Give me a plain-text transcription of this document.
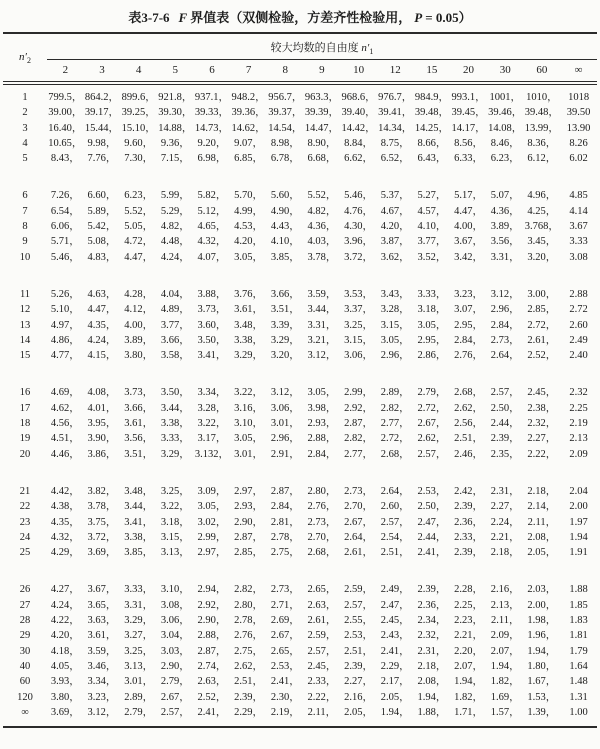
表3-7-6 F 界值表（双侧检验，方差齐性检验用， P = 0.05）
$n'_2$	较大均数的自由度 $n'_1$
	2	3	4	5	6	7	8	9	10	12	15	20	30	60	∞
1	799.5，	864.2，	899.6，	921.8，	937.1，	948.2，	956.7，	963.3，	968.6，	976.7，	984.9，	993.1，	1001，	1010，	1018
2	39.00，	39.17，	39.25，	39.30，	39.33，	39.36，	39.37，	39.39，	39.40，	39.41，	39.48，	39.45，	39.46，	39.48，	39.50
3	16.40，	15.44，	15.10，	14.88，	14.73，	14.62，	14.54，	14.47，	14.42，	14.34，	14.25，	14.17，	14.08，	13.99，	13.90
4	10.65，	9.98，	9.60，	9.36，	9.20，	9.07，	8.98，	8.90，	8.84，	8.75，	8.66，	8.56，	8.46，	8.36，	8.26
5	8.43，	7.76，	7.30，	7.15，	6.98，	6.85，	6.78，	6.68，	6.62，	6.52，	6.43，	6.33，	6.23，	6.12，	6.02
6	7.26，	6.60，	6.23，	5.99，	5.82，	5.70，	5.60，	5.52，	5.46，	5.37，	5.27，	5.17，	5.07，	4.96，	4.85
7	6.54，	5.89，	5.52，	5.29，	5.12，	4.99，	4.90，	4.82，	4.76，	4.67，	4.57，	4.47，	4.36，	4.25，	4.14
8	6.06，	5.42，	5.05，	4.82，	4.65，	4.53，	4.43，	4.36，	4.30，	4.20，	4.10，	4.00，	3.89，	3.768，	3.67
9	5.71，	5.08，	4.72，	4.48，	4.32，	4.20，	4.10，	4.03，	3.96，	3.87，	3.77，	3.67，	3.56，	3.45，	3.33
10	5.46，	4.83，	4.47，	4.24，	4.07，	3.05，	3.85，	3.78，	3.72，	3.62，	3.52，	3.42，	3.31，	3.20，	3.08
11	5.26，	4.63，	4.28，	4.04，	3.88，	3.76，	3.66，	3.59，	3.53，	3.43，	3.33，	3.23，	3.12，	3.00，	2.88
12	5.10，	4.47，	4.12，	4.89，	3.73，	3.61，	3.51，	3.44，	3.37，	3.28，	3.18，	3.07，	2.96，	2.85，	2.72
13	4.97，	4.35，	4.00，	3.77，	3.60，	3.48，	3.39，	3.31，	3.25，	3.15，	3.05，	2.95，	2.84，	2.72，	2.60
14	4.86，	4.24，	3.89，	3.66，	3.50，	3.38，	3.29，	3.21，	3.15，	3.05，	2.95，	2.84，	2.73，	2.61，	2.49
15	4.77，	4.15，	3.80，	3.58，	3.41，	3.29，	3.20，	3.12，	3.06，	2.96，	2.86，	2.76，	2.64，	2.52，	2.40
16	4.69，	4.08，	3.73，	3.50，	3.34，	3.22，	3.12，	3.05，	2.99，	2.89，	2.79，	2.68，	2.57，	2.45，	2.32
17	4.62，	4.01，	3.66，	3.44，	3.28，	3.16，	3.06，	3.98，	2.92，	2.82，	2.72，	2.62，	2.50，	2.38，	2.25
18	4.56，	3.95，	3.61，	3.38，	3.22，	3.10，	3.01，	2.93，	2.87，	2.77，	2.67，	2.56，	2.44，	2.32，	2.19
19	4.51，	3.90，	3.56，	3.33，	3.17，	3.05，	2.96，	2.88，	2.82，	2.72，	2.62，	2.51，	2.39，	2.27，	2.13
20	4.46，	3.86，	3.51，	3.29，	3.132，	3.01，	2.91，	2.84，	2.77，	2.68，	2.57，	2.46，	2.35，	2.22，	2.09
21	4.42，	3.82，	3.48，	3.25，	3.09，	2.97，	2.87，	2.80，	2.73，	2.64，	2.53，	2.42，	2.31，	2.18，	2.04
22	4.38，	3.78，	3.44，	3.22，	3.05，	2.93，	2.84，	2.76，	2.70，	2.60，	2.50，	2.39，	2.27，	2.14，	2.00
23	4.35，	3.75，	3.41，	3.18，	3.02，	2.90，	2.81，	2.73，	2.67，	2.57，	2.47，	2.36，	2.24，	2.11，	1.97
24	4.32，	3.72，	3.38，	3.15，	2.99，	2.87，	2.78，	2.70，	2.64，	2.54，	2.44，	2.33，	2.21，	2.08，	1.94
25	4.29，	3.69，	3.85，	3.13，	2.97，	2.85，	2.75，	2.68，	2.61，	2.51，	2.41，	2.39，	2.18，	2.05，	1.91
26	4.27，	3.67，	3.33，	3.10，	2.94，	2.82，	2.73，	2.65，	2.59，	2.49，	2.39，	2.28，	2.16，	2.03，	1.88
27	4.24，	3.65，	3.31，	3.08，	2.92，	2.80，	2.71，	2.63，	2.57，	2.47，	2.36，	2.25，	2.13，	2.00，	1.85
28	4.22，	3.63，	3.29，	3.06，	2.90，	2.78，	2.69，	2.61，	2.55，	2.45，	2.34，	2.23，	2.11，	1.98，	1.83
29	4.20，	3.61，	3.27，	3.04，	2.88，	2.76，	2.67，	2.59，	2.53，	2.43，	2.32，	2.21，	2.09，	1.96，	1.81
30	4.18，	3.59，	3.25，	3.03，	2.87，	2.75，	2.65，	2.57，	2.51，	2.41，	2.31，	2.20，	2.07，	1.94，	1.79
40	4.05，	3.46，	3.13，	2.90，	2.74，	2.62，	2.53，	2.45，	2.39，	2.29，	2.18，	2.07，	1.94，	1.80，	1.64
60	3.93，	3.34，	3.01，	2.79，	2.63，	2.51，	2.41，	2.33，	2.27，	2.17，	2.08，	1.94，	1.82，	1.67，	1.48
120	3.80，	3.23，	2.89，	2.67，	2.52，	2.39，	2.30，	2.22，	2.16，	2.05，	1.94，	1.82，	1.69，	1.53，	1.31
∞	3.69，	3.12，	2.79，	2.57，	2.41，	2.29，	2.19，	2.11，	2.05，	1.94，	1.88，	1.71，	1.57，	1.39，	1.00
